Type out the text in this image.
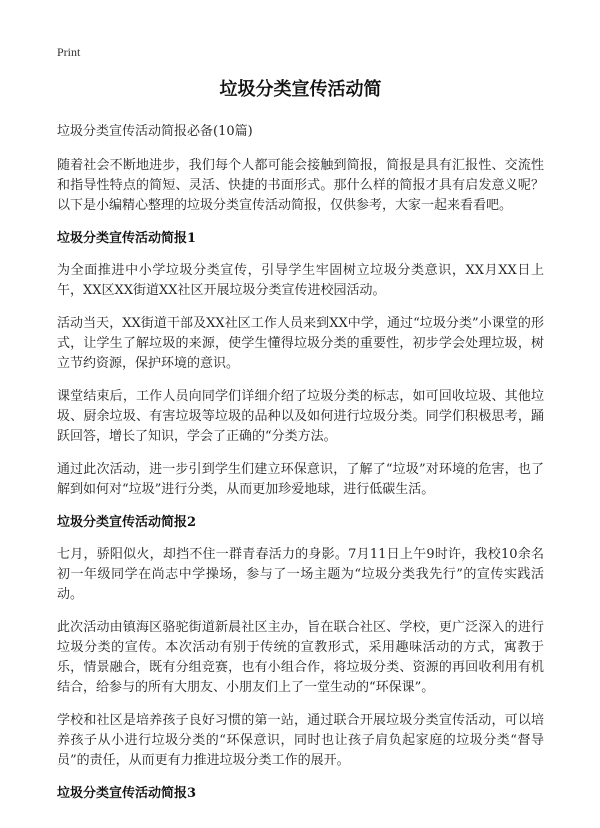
Print
垃圾分类宣传活动简
垃圾分类宣传活动简报必备(10篇)

随着社会不断地进步，我们每个人都可能会接触到简报，简报是具有汇报性、交流性和指导性特点的简短、灵活、快捷的书面形式。那什么样的简报才具有启发意义呢？以下是小编精心整理的垃圾分类宣传活动简报，仅供参考，大家一起来看看吧。

垃圾分类宣传活动简报1

为全面推进中小学垃圾分类宣传，引导学生牢固树立垃圾分类意识，XX月XX日上午，XX区XX街道XX社区开展垃圾分类宣传进校园活动。

活动当天，XX街道干部及XX社区工作人员来到XX中学，通过“垃圾分类”小课堂的形式，让学生了解垃圾的来源，使学生懂得垃圾分类的重要性，初步学会处理垃圾，树立节约资源，保护环境的意识。

课堂结束后，工作人员向同学们详细介绍了垃圾分类的标志，如可回收垃圾、其他垃圾、厨余垃圾、有害垃圾等垃圾的品种以及如何进行垃圾分类。同学们积极思考，踊跃回答，增长了知识，学会了正确的“分类方法。

通过此次活动，进一步引到学生们建立环保意识，了解了“垃圾”对环境的危害，也了解到如何对“垃圾”进行分类，从而更加珍爱地球，进行低碳生活。

垃圾分类宣传活动简报2

七月，骄阳似火，却挡不住一群青春活力的身影。7月11日上午9时许，我校10余名初一年级同学在尚志中学操场，参与了一场主题为“垃圾分类我先行”的宣传实践活动。

此次活动由镇海区骆驼街道新晨社区主办，旨在联合社区、学校，更广泛深入的进行垃圾分类的宣传。本次活动有别于传统的宣教形式，采用趣味活动的方式，寓教于乐，情景融合，既有分组竞赛，也有小组合作，将垃圾分类、资源的再回收利用有机结合，给参与的所有大朋友、小朋友们上了一堂生动的“环保课”。

学校和社区是培养孩子良好习惯的第一站，通过联合开展垃圾分类宣传活动，可以培养孩子从小进行垃圾分类的“环保意识，同时也让孩子肩负起家庭的垃圾分类“督导员”的责任，从而更有力推进垃圾分类工作的展开。

垃圾分类宣传活动简报3
